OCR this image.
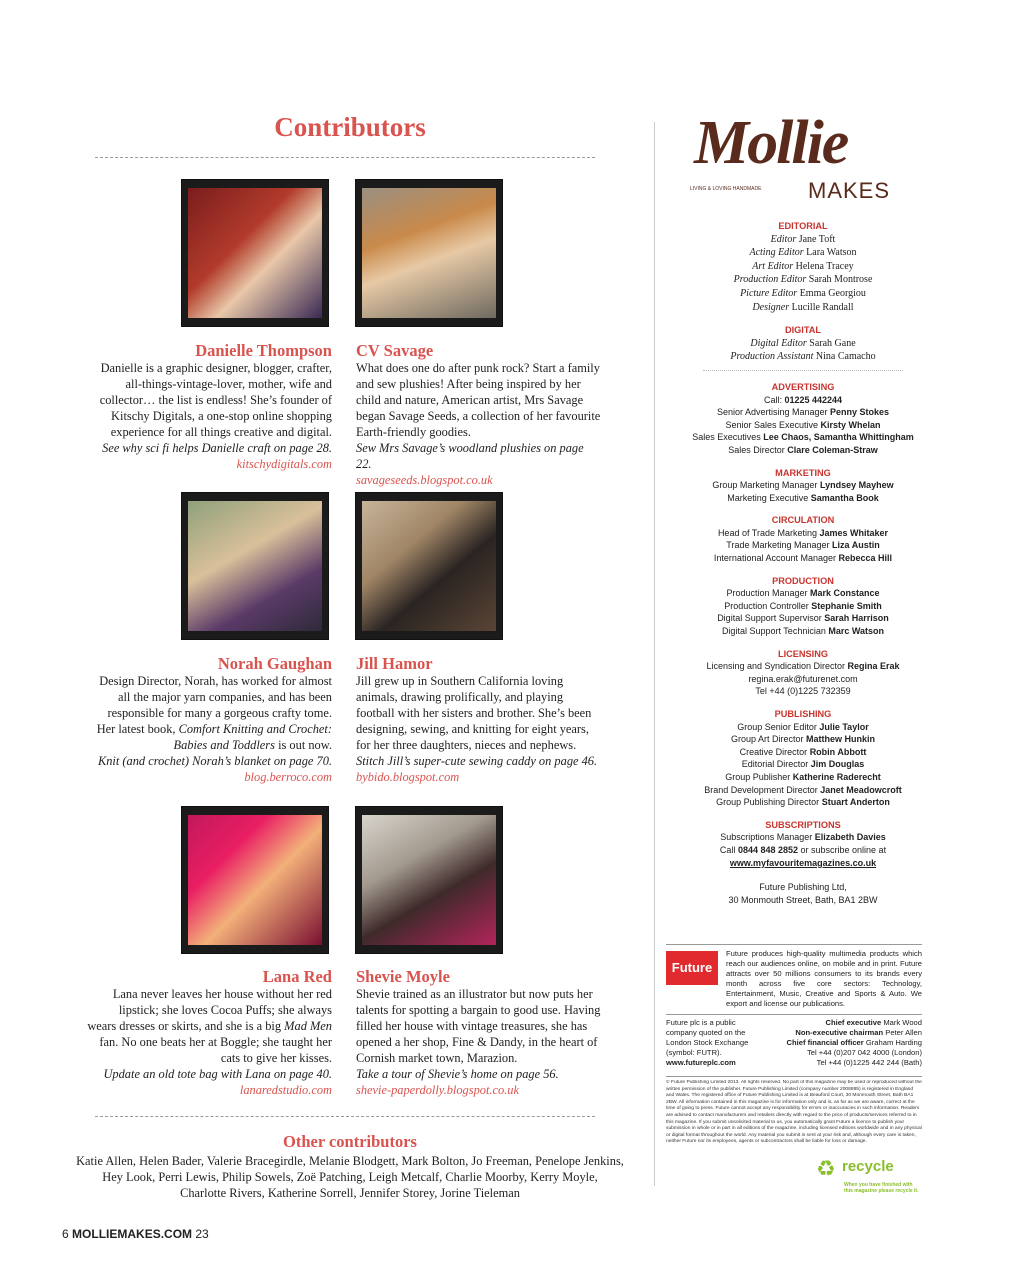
Contributors
Danielle Thompson CV Savage
Danielle is a graphic designer, blogger, crafter, all-things-vintage-lover, mother, wife and collector… the list is endless! She’s founder of Kitschy Digitals, a one-stop online shopping experience for all things creative and digital.
See why sci fi helps Danielle craft on page 28.
kitschydigitals.com
What does one do after punk rock? Start a family and sew plushies! After being inspired by her child and nature, American artist, Mrs Savage began Savage Seeds, a collection of her favourite Earth-friendly goodies.
Sew Mrs Savage’s woodland plushies on page 22.
savageseeds.blogspot.co.uk
Norah Gaughan Jill Hamor
Design Director, Norah, has worked for almost all the major yarn companies, and has been responsible for many a gorgeous crafty tome. Her latest book, Comfort Knitting and Crochet: Babies and Toddlers is out now.
Knit (and crochet) Norah’s blanket on page 70.
blog.berroco.com
Jill grew up in Southern California loving animals, drawing prolifically, and playing football with her sisters and brother. She’s been designing, sewing, and knitting for eight years, for her three daughters, nieces and nephews.
Stitch Jill’s super-cute sewing caddy on page 46.
bybido.blogspot.com
Lana Red Shevie Moyle
Lana never leaves her house without her red lipstick; she loves Cocoa Puffs; she always wears dresses or skirts, and she is a big Mad Men fan. No one beats her at Boggle; she taught her cats to give her kisses.
Update an old tote bag with Lana on page 40.
lanaredstudio.com
Shevie trained as an illustrator but now puts her talents for spotting a bargain to good use. Having filled her house with vintage treasures, she has opened a her shop, Fine & Dandy, in the heart of Cornish market town, Marazion.
Take a tour of Shevie’s home on page 56.
shevie-paperdolly.blogspot.co.uk
Other contributors
Katie Allen, Helen Bader, Valerie Bracegirdle, Melanie Blodgett, Mark Bolton, Jo Freeman, Penelope Jenkins,
Hey Look, Perri Lewis, Philip Sowels, Zoë Patching, Leigh Metcalf, Charlie Moorby, Kerry Moyle,
Charlotte Rivers, Katherine Sorrell, Jennifer Storey, Jorine Tieleman
Mollie
MAKES
LIVING & LOVING HANDMADE
EDITORIAL
Editor Jane Toft
Acting Editor Lara Watson
Art Editor Helena Tracey
Production Editor Sarah Montrose
Picture Editor Emma Georgiou
Designer Lucille Randall
DIGITAL
Digital Editor Sarah Gane
Production Assistant Nina Camacho
ADVERTISING
Call: 01225 442244
Senior Advertising Manager Penny Stokes
Senior Sales Executive Kirsty Whelan
Sales Executives Lee Chaos, Samantha Whittingham
Sales Director Clare Coleman-Straw
MARKETING
Group Marketing Manager Lyndsey Mayhew
Marketing Executive Samantha Book
CIRCULATION
Head of Trade Marketing James Whitaker
Trade Marketing Manager Liza Austin
International Account Manager Rebecca Hill
PRODUCTION
Production Manager Mark Constance
Production Controller Stephanie Smith
Digital Support Supervisor Sarah Harrison
Digital Support Technician Marc Watson
LICENSING
Licensing and Syndication Director Regina Erak
regina.erak@futurenet.com
Tel +44 (0)1225 732359
PUBLISHING
Group Senior Editor Julie Taylor
Group Art Director Matthew Hunkin
Creative Director Robin Abbott
Editorial Director Jim Douglas
Group Publisher Katherine Raderecht
Brand Development Director Janet Meadowcroft
Group Publishing Director Stuart Anderton
SUBSCRIPTIONS
Subscriptions Manager Elizabeth Davies
Call 0844 848 2852 or subscribe online at
www.myfavouritemagazines.co.uk
Future Publishing Ltd,
30 Monmouth Street, Bath, BA1 2BW
Future
Future produces high-quality multimedia products which reach our audiences online, on mobile and in print. Future attracts over 50 millions consumers to its brands every month across five core sectors: Technology, Entertainment, Music, Creative and Sports & Auto. We export and license our publications.
Future plc is a public company quoted on the London Stock Exchange (symbol: FUTR).
www.futureplc.com
Chief executive Mark Wood
Non-executive chairman Peter Allen
Chief financial officer Graham Harding
Tel +44 (0)207 042 4000 (London)
Tel +44 (0)1225 442 244 (Bath)
© Future Publishing Limited 2013. All rights reserved. No part of this magazine may be used or reproduced without the written permission of the publisher. Future Publishing Limited (company number 2008885) is registered in England and Wales. The registered office of Future Publishing Limited is at Beauford Court, 30 Monmouth Street, Bath BA1 2BW. All information contained in this magazine is for information only and is, as far as we are aware, correct at the time of going to press. Future cannot accept any responsibility for errors or inaccuracies in such information. Readers are advised to contact manufacturers and retailers directly with regard to the price of products/services referred to in this magazine. If you submit unsolicited material to us, you automatically grant Future a licence to publish your submission in whole or in part in all editions of the magazine, including licensed editions worldwide and in any physical or digital format throughout the world. Any material you submit is sent at your risk and, although every care is taken, neither Future nor its employees, agents or subcontractors shall be liable for loss or damage.
♻ recycle
When you have finished with
this magazine please recycle it.
6 MOLLIEMAKES.COM 23
